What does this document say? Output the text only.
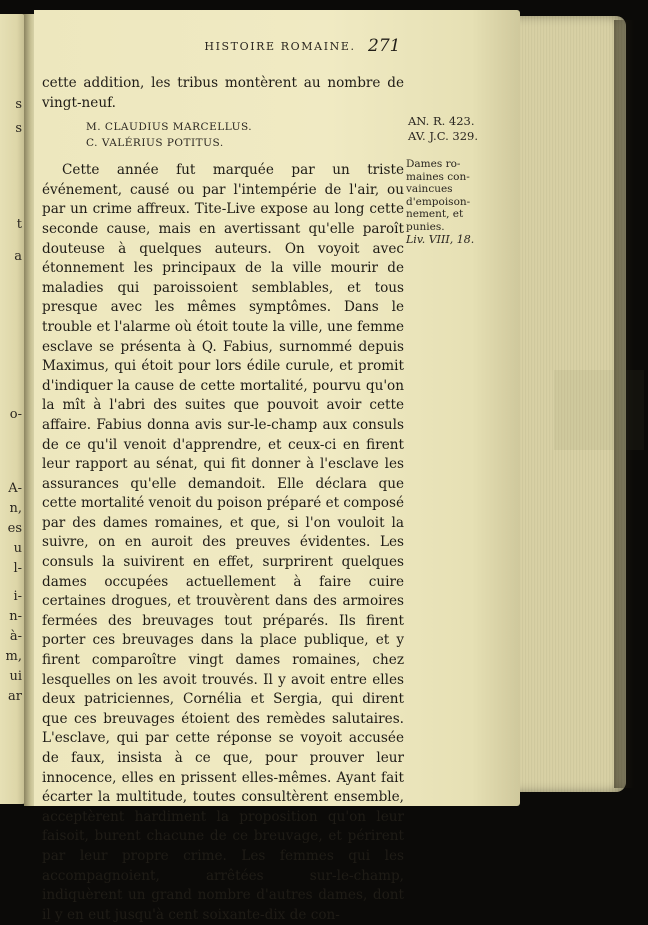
s
s
t
a
o-
A-
n,
es
u
l-
i-
n-
à-
m,
ui
ar
HISTOIRE ROMAINE. 271

cette addition, les tribus montèrent au nombre de vingt-neuf.

M. CLAUDIUS MARCELLUS.
C. VALÉRIUS POTITUS.

Cette année fut marquée par un triste événement, causé ou par l'intempérie de l'air, ou par un crime affreux. Tite-Live expose au long cette seconde cause, mais en avertissant qu'elle paroît douteuse à quelques auteurs. On voyoit avec étonnement les principaux de la ville mourir de maladies qui paroissoient semblables, et tous presque avec les mêmes symptômes. Dans le trouble et l'alarme où étoit toute la ville, une femme esclave se présenta à Q. Fabius, surnommé depuis Maximus, qui étoit pour lors édile curule, et promit d'indiquer la cause de cette mortalité, pourvu qu'on la mît à l'abri des suites que pouvoit avoir cette affaire. Fabius donna avis sur-le-champ aux consuls de ce qu'il venoit d'apprendre, et ceux-ci en firent leur rapport au sénat, qui fit donner à l'esclave les assurances qu'elle demandoit. Elle déclara que cette mortalité venoit du poison préparé et composé par des dames romaines, et que, si l'on vouloit la suivre, on en auroit des preuves évidentes. Les consuls la suivirent en effet, surprirent quelques dames occupées actuellement à faire cuire certaines drogues, et trouvèrent dans des armoires fermées des breuvages tout préparés. Ils firent porter ces breuvages dans la place publique, et y firent comparoître vingt dames romaines, chez lesquelles on les avoit trouvés. Il y avoit entre elles deux patriciennes, Cornélia et Sergia, qui dirent que ces breuvages étoient des remèdes salutaires. L'esclave, qui par cette réponse se voyoit accusée de faux, insista à ce que, pour prouver leur innocence, elles en prissent elles-mêmes. Ayant fait écarter la multitude, toutes consultèrent ensemble, acceptèrent hardiment la proposition qu'on leur faisoit, burent chacune de ce breuvage, et périrent par leur propre crime. Les femmes qui les accompagnoient, arrêtées sur-le-champ, indiquèrent un grand nombre d'autres dames, dont il y en eut jusqu'à cent soixante-dix de con-

AN. R. 423.
AV. J.C. 329.
Dames ro-
maines con-
vaincues
d'empoison-
nement, et
punies.
Liv. VIII, 18.
